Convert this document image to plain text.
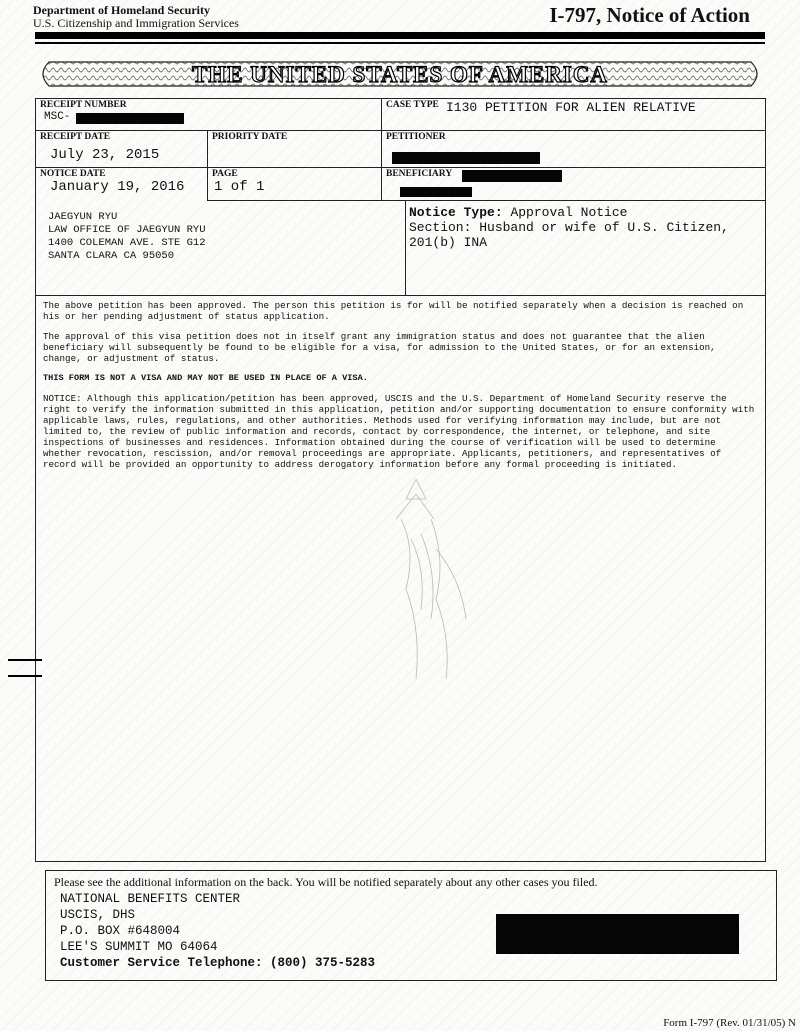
Department of Homeland Security
U.S. Citizenship and Immigration Services	I-797, Notice of Action
THE UNITED STATES OF AMERICA
RECEIPT NUMBER
MSC-
CASE TYPE I130 PETITION FOR ALIEN RELATIVE
RECEIPT DATE
July 23, 2015
PRIORITY DATE	PETITIONER
NOTICE DATE
January 19, 2016
PAGE
1 of 1
BENEFICIARY
JAEGYUN RYU
LAW OFFICE OF JAEGYUN RYU
1400 COLEMAN AVE. STE G12
SANTA CLARA CA 95050
Notice Type: Approval Notice
Section: Husband or wife of U.S. Citizen,
201(b) INA

The above petition has been approved. The person this petition is for will be notified separately when a decision is reached on his or her pending adjustment of status application.

The approval of this visa petition does not in itself grant any immigration status and does not guarantee that the alien beneficiary will subsequently be found to be eligible for a visa, for admission to the United States, or for an extension, change, or adjustment of status.

THIS FORM IS NOT A VISA AND MAY NOT BE USED IN PLACE OF A VISA.

NOTICE: Although this application/petition has been approved, USCIS and the U.S. Department of Homeland Security reserve the right to verify the information submitted in this application, petition and/or supporting documentation to ensure conformity with applicable laws, rules, regulations, and other authorities. Methods used for verifying information may include, but are not limited to, the review of public information and records, contact by correspondence, the internet, or telephone, and site inspections of businesses and residences. Information obtained during the course of verification will be used to determine whether revocation, rescission, and/or removal proceedings are appropriate. Applicants, petitioners, and representatives of record will be provided an opportunity to address derogatory information before any formal proceeding is initiated.

Please see the additional information on the back. You will be notified separately about any other cases you filed.
NATIONAL BENEFITS CENTER
USCIS, DHS
P.O. BOX #648004
LEE'S SUMMIT MO 64064
Customer Service Telephone: (800) 375-5283
Form I-797 (Rev. 01/31/05) N
